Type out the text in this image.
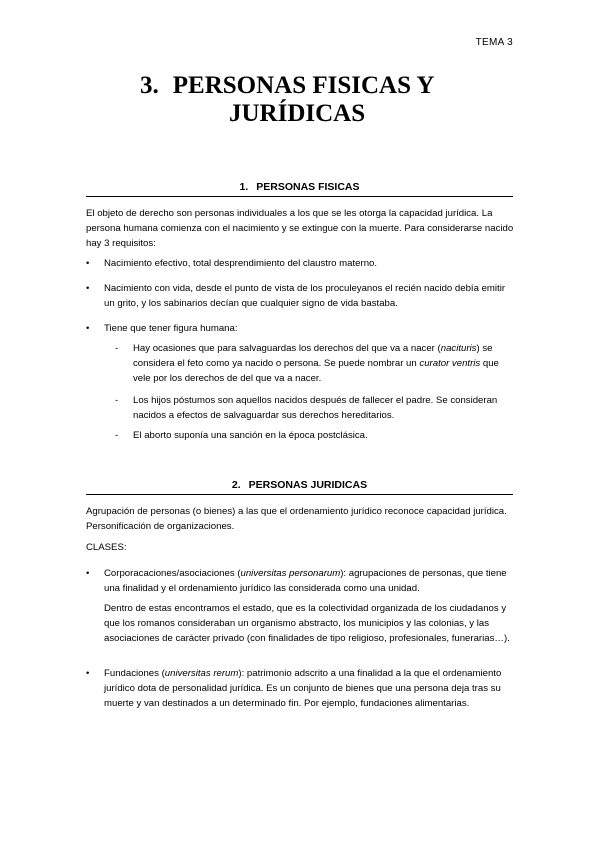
TEMA 3
3. PERSONAS FISICAS Y
JURÍDICAS
1. PERSONAS FISICAS
El objeto de derecho son personas individuales a los que se les otorga la capacidad jurídica. La persona humana comienza con el nacimiento y se extingue con la muerte. Para considerarse nacido hay 3 requisitos:
• Nacimiento efectivo, total desprendimiento del claustro materno.
• Nacimiento con vida, desde el punto de vista de los proculeyanos el recién nacido debía emitir un grito, y los sabinarios decían que cualquier signo de vida bastaba.
• Tiene que tener figura humana:
- Hay ocasiones que para salvaguardas los derechos del que va a nacer (nacituris) se considera el feto como ya nacido o persona. Se puede nombrar un curator ventris que vele por los derechos de del que va a nacer.
- Los hijos póstumos son aquellos nacidos después de fallecer el padre. Se consideran nacidos a efectos de salvaguardar sus derechos hereditarios.
- El aborto suponía una sanción en la época postclásica.
2. PERSONAS JURIDICAS
Agrupación de personas (o bienes) a las que el ordenamiento jurídico reconoce capacidad jurídica. Personificación de organizaciones.
CLASES:
• Corporacaciones/asociaciones (universitas personarum): agrupaciones de personas, que tiene una finalidad y el ordenamiento jurídico las considerada como una unidad.
Dentro de estas encontramos el estado, que es la colectividad organizada de los ciudadanos y que los romanos consideraban un organismo abstracto, los municipios y las colonias, y las asociaciones de carácter privado (con finalidades de tipo religioso, profesionales, funerarias…).
• Fundaciones (universitas rerum): patrimonio adscrito a una finalidad a la que el ordenamiento jurídico dota de personalidad jurídica. Es un conjunto de bienes que una persona deja tras su muerte y van destinados a un determinado fin. Por ejemplo, fundaciones alimentarias.
